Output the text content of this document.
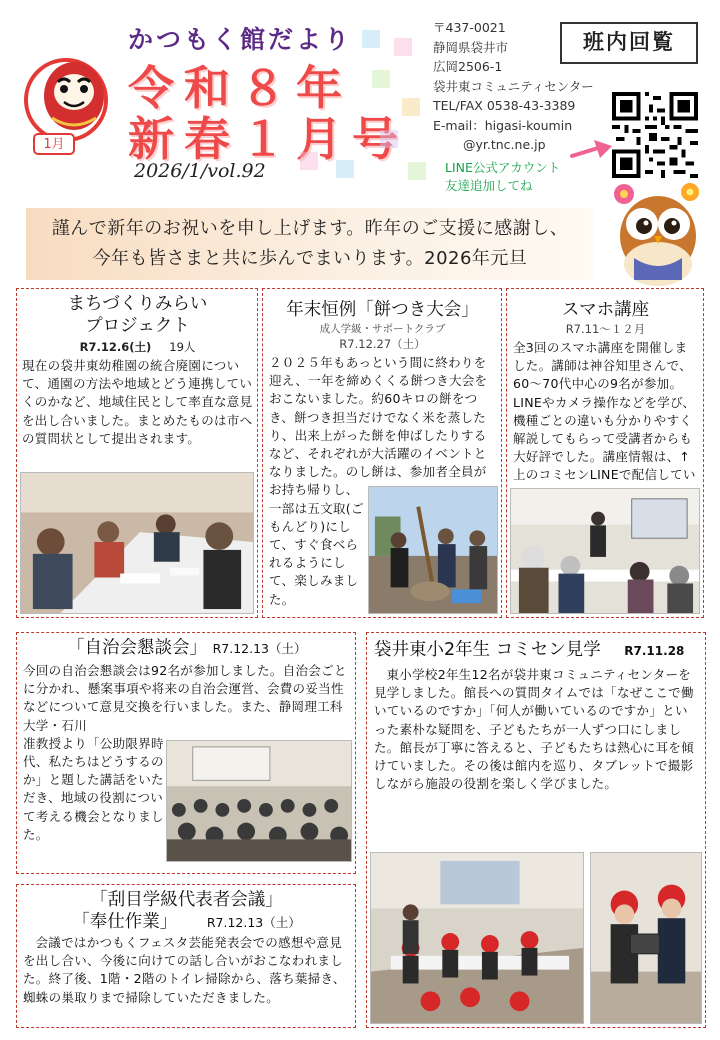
1月
かつもく館だより
令和８年
新春１月号
2026/1/vol.92
〒437-0021
静岡県袋井市
広岡2506-1
袋井東コミュニティセンター
TEL/FAX 0538-43-3389
E-mail：higasi-koumin
@yr.tnc.ne.jp
班内回覧
LINE公式アカウント
友達追加してね
謹んで新年のお祝いを申し上げます。昨年のご支援に感謝し、
今年も皆さまと共に歩んでまいります。2026年元旦
まちづくりみらい
プロジェクト
R7.12.6(土) 19人
現在の袋井東幼稚園の統合廃園について、通園の方法や地域とどう連携していくのかなど、地域住民として率直な意見を出し合いました。まとめたものは市への質問状として提出されます。
年末恒例「餅つき大会」
成人学級・サポートクラブ
R7.12.27（土）
２０２５年もあっという間に終わりを迎え、一年を締めくくる餅つき大会をおこないました。約60キロの餅をつき、餅つき担当だけでなく米を蒸したり、出来上がった餅を伸ばしたりするなど、それぞれが大活躍のイベントとなりました。のし餅は、参加者全員が
お持ち帰りし、一部は五文取(ごもんどり)にして、すぐ食べられるようにして、楽しみました。
スマホ講座
R7.11～１２月
全3回のスマホ講座を開催しました。講師は神谷知里さんで、60～70代中心の9名が参加。LINEやカメラ操作などを学び、機種ごとの違いも分かりやすく解説してもらって受講者からも大好評でした。講座情報は、↑上のコミセンLINEで配信してい
「自治会懇談会」 R7.12.13（土）
今回の自治会懇談会は92名が参加しました。自治会ごとに分かれ、懸案事項や将来の自治会運営、会費の妥当性などについて意見交換を行いました。また、静岡理工科大学・石川
准教授より「公助限界時代、私たちはどうするのか」と題した講話をいただき、地域の役割について考える機会となりました。
「刮目学級代表者会議」
「奉仕作業」 R7.12.13（土）
会議ではかつもくフェスタ芸能発表会での感想や意見を出し合い、今後に向けての話し合いがおこなわれました。終了後、1階・2階のトイレ掃除から、落ち葉掃き、蜘蛛の巣取りまで掃除していただきました。
袋井東小2年生 コミセン見学 R7.11.28
東小学校2年生12名が袋井東コミュニティセンターを見学しました。館長への質問タイムでは「なぜここで働いているのですか」「何人が働いているのですか」といった素朴な疑問を、子どもたちが一人ずつ口にしました。館長が丁寧に答えると、子どもたちは熱心に耳を傾けていました。その後は館内を巡り、タブレットで撮影しながら施設の役割を楽しく学びました。
